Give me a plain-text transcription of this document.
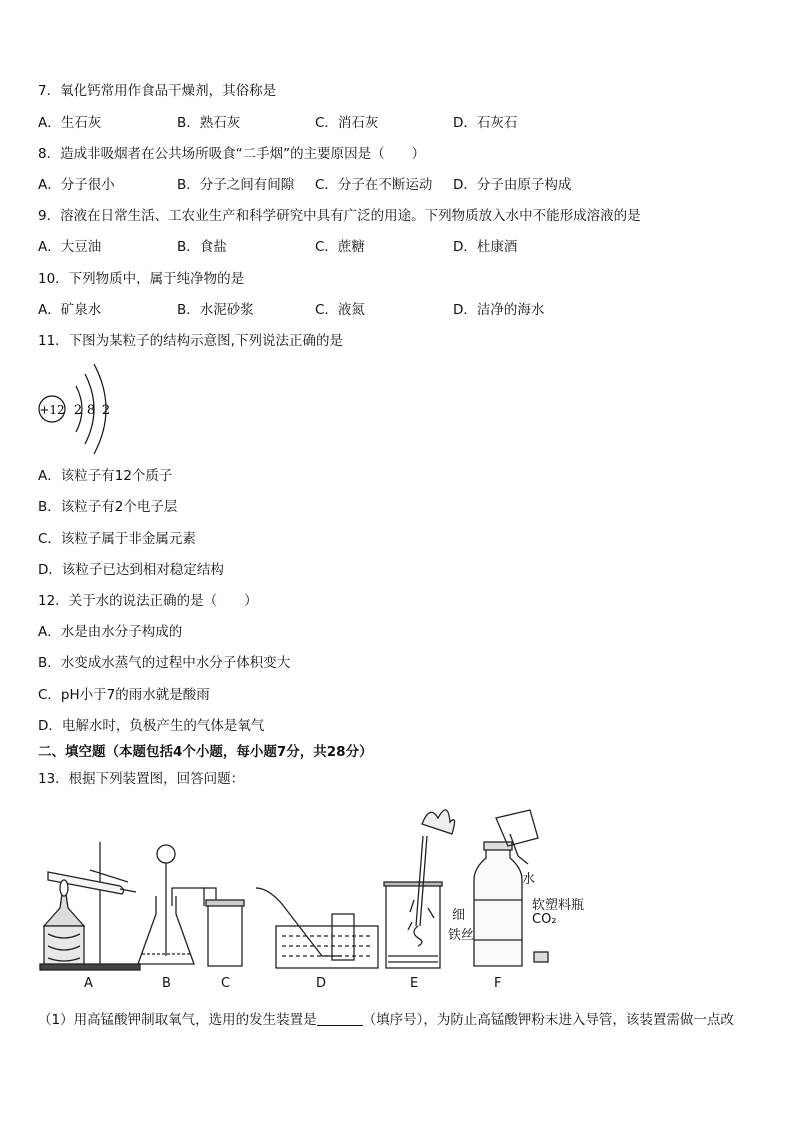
7．氧化钙常用作食品干燥剂，其俗称是
A．生石灰	B．熟石灰	C．消石灰	D．石灰石
8．造成非吸烟者在公共场所吸食“二手烟”的主要原因是（　　）
A．分子很小	B．分子之间有间隙 C．分子在不断运动 D．分子由原子构成
9．溶液在日常生活、工农业生产和科学研究中具有广泛的用途。下列物质放入水中不能形成溶液的是
A．大豆油	B．食盐	C．蔗糖	D．杜康酒
10．下列物质中，属于纯净物的是
A．矿泉水	B．水泥砂浆	C．液氮	D．洁净的海水
11．下图为某粒子的结构示意图,下列说法正确的是
+12 2 8 2
A．该粒子有12个质子
B．该粒子有2个电子层
C．该粒子属于非金属元素
D．该粒子已达到相对稳定结构
12．关于水的说法正确的是（　　）
A．水是由水分子构成的
B．水变成水蒸气的过程中水分子体积变大
C．pH小于7的雨水就是酸雨
D．电解水时，负极产生的气体是氧气
二、填空题（本题包括4个小题，每小题7分，共28分）
13．根据下列装置图，回答问题：
A	B	C	D	E	F
细
铁丝
水
软塑料瓶
CO₂
（1）用高锰酸钾制取氧气，选用的发生装置是	（填序号），为防止高锰酸钾粉末进入导管，该装置需做一点改
